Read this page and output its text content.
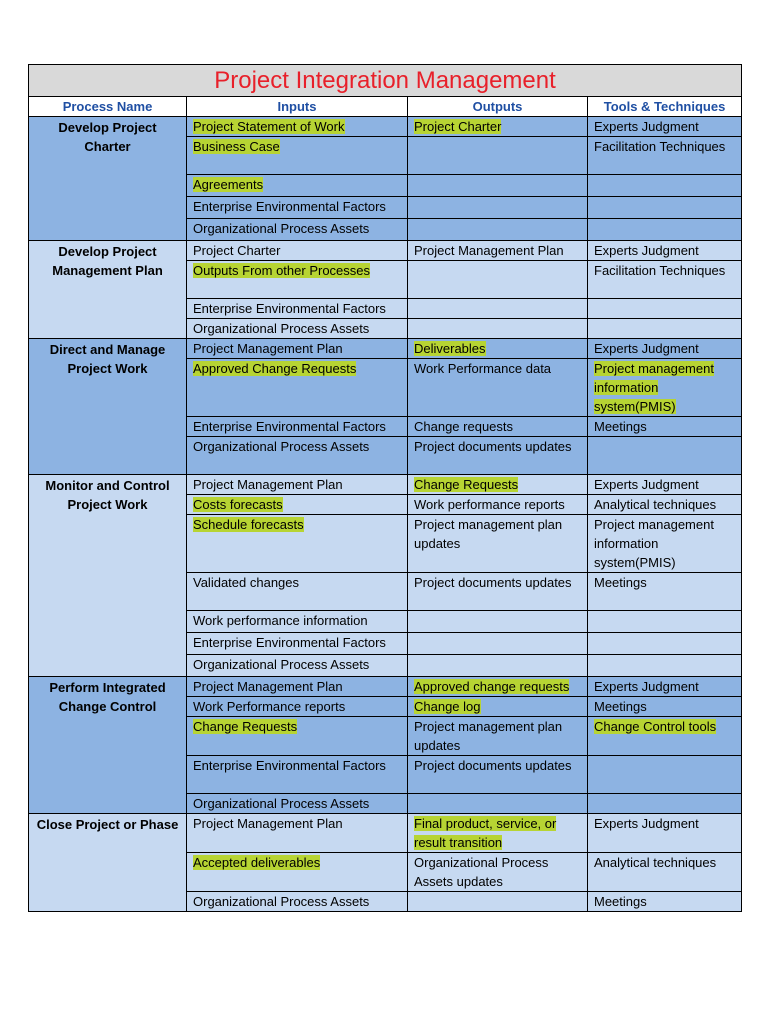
Project Integration Management			
Process Name	Inputs	Outputs	Tools & Techniques
Develop Project Charter	Project Statement of Work	Project Charter	Experts Judgment
	Business Case		Facilitation Techniques
	Agreements		
	Enterprise Environmental Factors		
	Organizational Process Assets		
Develop Project Management Plan	Project Charter	Project Management Plan	Experts Judgment
	Outputs From other Processes		Facilitation Techniques
	Enterprise Environmental Factors		
	Organizational Process Assets		
Direct and Manage Project Work	Project Management Plan	Deliverables	Experts Judgment
	Approved Change Requests	Work Performance data	Project management information system(PMIS)
	Enterprise Environmental Factors	Change requests	Meetings
	Organizational Process Assets	Project documents updates	
Monitor and Control Project Work	Project Management Plan	Change Requests	Experts Judgment
	Costs forecasts	Work performance reports	Analytical techniques
	Schedule forecasts	Project management plan updates	Project management information system(PMIS)
	Validated changes	Project documents updates	Meetings
	Work performance information		
	Enterprise Environmental Factors		
	Organizational Process Assets		
Perform Integrated Change Control	Project Management Plan	Approved change requests	Experts Judgment
	Work Performance reports	Change log	Meetings
	Change Requests	Project management plan updates	Change Control tools
	Enterprise Environmental Factors	Project documents updates	
	Organizational Process Assets		
Close Project or Phase	Project Management Plan	Final product, service, or result transition	Experts Judgment
	Accepted deliverables	Organizational Process Assets updates	Analytical techniques
	Organizational Process Assets		Meetings
